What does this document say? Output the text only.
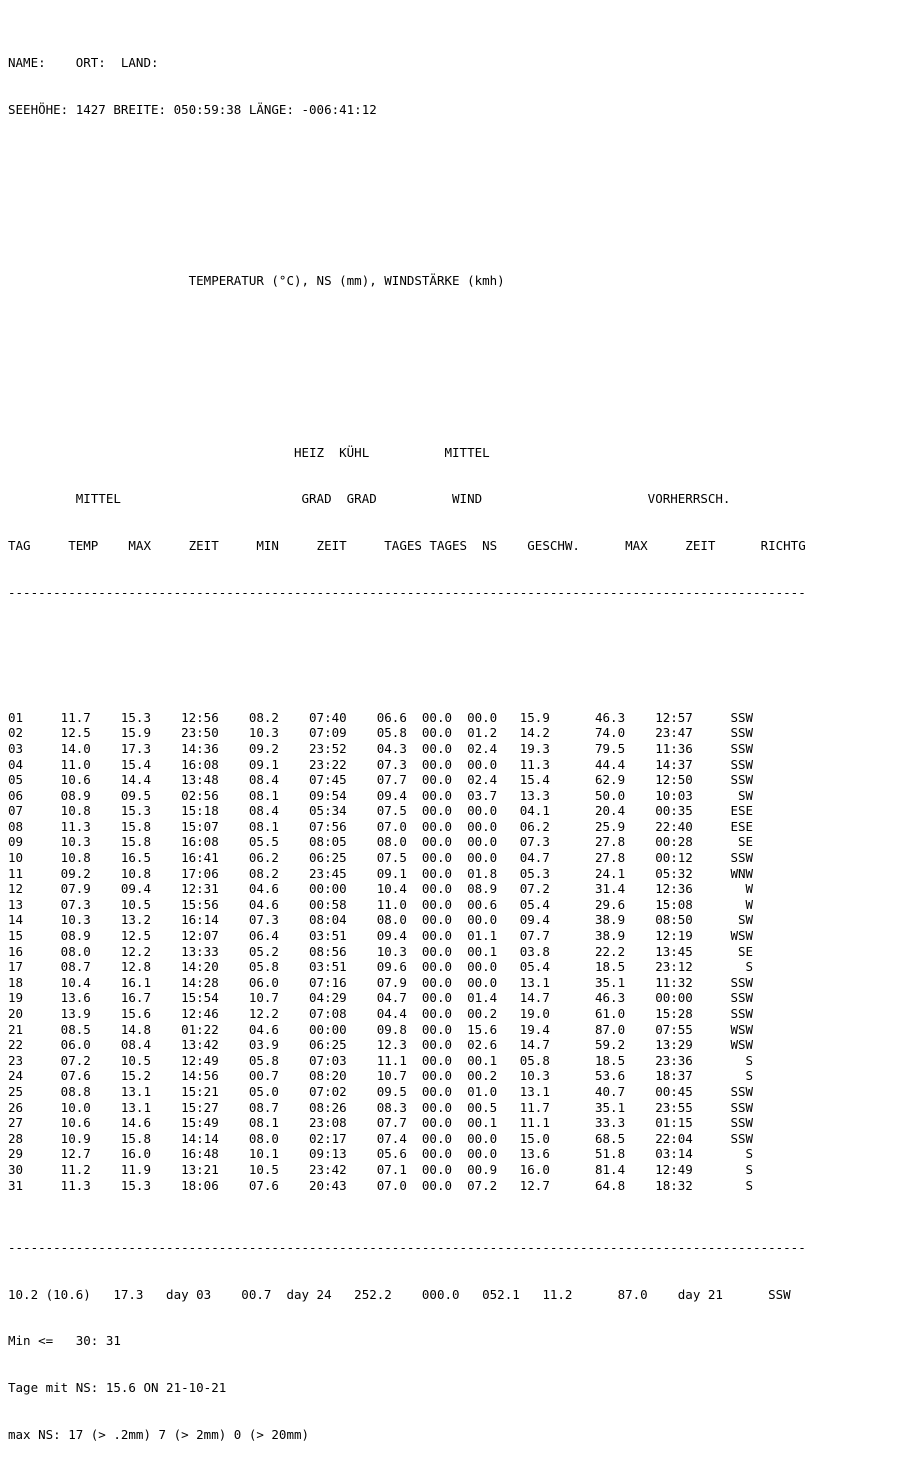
NAME:    ORT:  LAND:

SEEHÖHE: 1427 BREITE: 050:59:38 LÄNGE: -006:41:12

TEMPERATUR (°C), NS (mm), WINDSTÄRKE (kmh)

HEIZ  KÜHL          MITTEL

MITTEL                        GRAD  GRAD          WIND                      VORHERRSCH.

TAG     TEMP    MAX     ZEIT     MIN     ZEIT     TAGES TAGES  NS    GESCHW.      MAX     ZEIT      RICHTG

----------------------------------------------------------------------------------------------------------

01     11.7    15.3    12:56    08.2    07:40    06.6  00.0  00.0   15.9      46.3    12:57     SSW
02     12.5    15.9    23:50    10.3    07:09    05.8  00.0  01.2   14.2      74.0    23:47     SSW
03     14.0    17.3    14:36    09.2    23:52    04.3  00.0  02.4   19.3      79.5    11:36     SSW
04     11.0    15.4    16:08    09.1    23:22    07.3  00.0  00.0   11.3      44.4    14:37     SSW
05     10.6    14.4    13:48    08.4    07:45    07.7  00.0  02.4   15.4      62.9    12:50     SSW
06     08.9    09.5    02:56    08.1    09:54    09.4  00.0  03.7   13.3      50.0    10:03      SW
07     10.8    15.3    15:18    08.4    05:34    07.5  00.0  00.0   04.1      20.4    00:35     ESE
08     11.3    15.8    15:07    08.1    07:56    07.0  00.0  00.0   06.2      25.9    22:40     ESE
09     10.3    15.8    16:08    05.5    08:05    08.0  00.0  00.0   07.3      27.8    00:28      SE
10     10.8    16.5    16:41    06.2    06:25    07.5  00.0  00.0   04.7      27.8    00:12     SSW
11     09.2    10.8    17:06    08.2    23:45    09.1  00.0  01.8   05.3      24.1    05:32     WNW
12     07.9    09.4    12:31    04.6    00:00    10.4  00.0  08.9   07.2      31.4    12:36       W
13     07.3    10.5    15:56    04.6    00:58    11.0  00.0  00.6   05.4      29.6    15:08       W
14     10.3    13.2    16:14    07.3    08:04    08.0  00.0  00.0   09.4      38.9    08:50      SW
15     08.9    12.5    12:07    06.4    03:51    09.4  00.0  01.1   07.7      38.9    12:19     WSW
16     08.0    12.2    13:33    05.2    08:56    10.3  00.0  00.1   03.8      22.2    13:45      SE
17     08.7    12.8    14:20    05.8    03:51    09.6  00.0  00.0   05.4      18.5    23:12       S
18     10.4    16.1    14:28    06.0    07:16    07.9  00.0  00.0   13.1      35.1    11:32     SSW
19     13.6    16.7    15:54    10.7    04:29    04.7  00.0  01.4   14.7      46.3    00:00     SSW
20     13.9    15.6    12:46    12.2    07:08    04.4  00.0  00.2   19.0      61.0    15:28     SSW
21     08.5    14.8    01:22    04.6    00:00    09.8  00.0  15.6   19.4      87.0    07:55     WSW
22     06.0    08.4    13:42    03.9    06:25    12.3  00.0  02.6   14.7      59.2    13:29     WSW
23     07.2    10.5    12:49    05.8    07:03    11.1  00.0  00.1   05.8      18.5    23:36       S
24     07.6    15.2    14:56    00.7    08:20    10.7  00.0  00.2   10.3      53.6    18:37       S
25     08.8    13.1    15:21    05.0    07:02    09.5  00.0  01.0   13.1      40.7    00:45     SSW
26     10.0    13.1    15:27    08.7    08:26    08.3  00.0  00.5   11.7      35.1    23:55     SSW
27     10.6    14.6    15:49    08.1    23:08    07.7  00.0  00.1   11.1      33.3    01:15     SSW
28     10.9    15.8    14:14    08.0    02:17    07.4  00.0  00.0   15.0      68.5    22:04     SSW
29     12.7    16.0    16:48    10.1    09:13    05.6  00.0  00.0   13.6      51.8    03:14       S
30     11.2    11.9    13:21    10.5    23:42    07.1  00.0  00.9   16.0      81.4    12:49       S
31     11.3    15.3    18:06    07.6    20:43    07.0  00.0  07.2   12.7      64.8    18:32       S

----------------------------------------------------------------------------------------------------------

10.2 (10.6)   17.3   day 03    00.7  day 24   252.2    000.0   052.1   11.2      87.0    day 21      SSW

Min <=   30: 31

Tage mit NS: 15.6 ON 21-10-21

max NS: 17 (> .2mm) 7 (> 2mm) 0 (> 20mm)
